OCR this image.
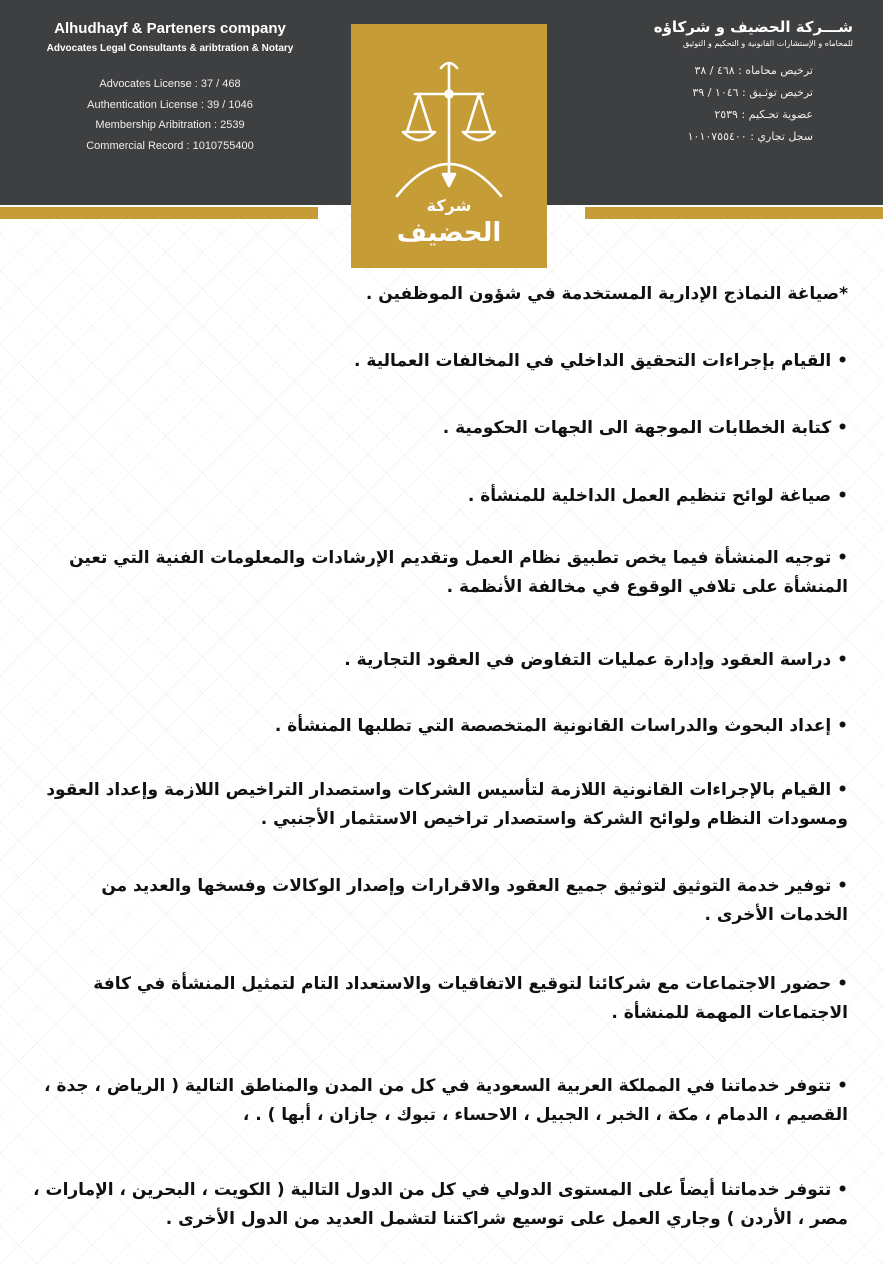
Alhudhayf & Parteners company
Advocates Legal Consultants & aribtration & Notary
Advocates License : 37 / 468
Authentication License : 39 / 1046
Membership Aribitration : 2539
Commercial Record : 1010755400
شـــركة الحضيف و شركاؤه
للمحاماه و الإستشارات القانونية و التحكيم و التوثيق
ترخيص محاماه : ٤٦٨ / ٣٨
ترخيص توثـيق : ١٠٤٦ / ٣٩
عضوية تحـكيم : ٢٥٣٩
سجل تجاري : ١٠١٠٧٥٥٤٠٠
شركة
الحضيف
*صياغة النماذج الإدارية المستخدمة في شؤون الموظفين .
• القيام بإجراءات التحقيق الداخلي في المخالفات العمالية .
• كتابة الخطابات الموجهة الى الجهات الحكومية .
• صياغة لوائح تنظيم العمل الداخلية للمنشأة .
• توجيه المنشأة فيما يخص تطبيق نظام العمل وتقديم الإرشادات والمعلومات الفنية التي تعين المنشأة على تلافي الوقوع في مخالفة الأنظمة .
• دراسة العقود وإدارة عمليات التفاوض في العقود التجارية .
• إعداد البحوث والدراسات القانونية المتخصصة التي تطلبها المنشأة .
• القيام بالإجراءات القانونية اللازمة لتأسيس الشركات واستصدار التراخيص اللازمة وإعداد العقود ومسودات النظام ولوائح الشركة واستصدار تراخيص الاستثمار الأجنبي .
• توفير خدمة التوثيق لتوثيق جميع العقود والاقرارات وإصدار الوكالات وفسخها والعديد من الخدمات الأخرى .
• حضور الاجتماعات مع شركائنا لتوقيع الاتفاقيات والاستعداد التام لتمثيل المنشأة في كافة الاجتماعات المهمة للمنشأة .
• تتوفر خدماتنا في المملكة العربية السعودية في كل من المدن والمناطق التالية ( الرياض ، جدة ، القصيم ، الدمام ، مكة ، الخبر ، الجبيل ، الاحساء ، تبوك ، جازان ، أبها ) . ،
• تتوفر خدماتنا أيضاً على المستوى الدولي في كل من الدول التالية ( الكويت ، البحرين ، الإمارات ، مصر ، الأردن ) وجاري العمل على توسيع شراكتنا لتشمل العديد من الدول الأخرى .
